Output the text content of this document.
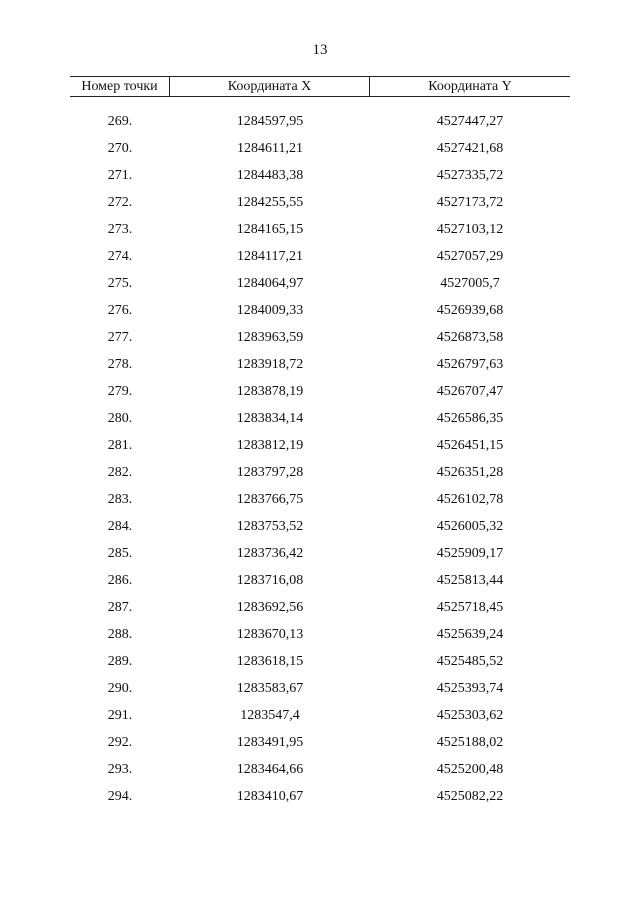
13
Номер точки	Координата X	Координата Y
269.	1284597,95	4527447,27
270.	1284611,21	4527421,68
271.	1284483,38	4527335,72
272.	1284255,55	4527173,72
273.	1284165,15	4527103,12
274.	1284117,21	4527057,29
275.	1284064,97	4527005,7
276.	1284009,33	4526939,68
277.	1283963,59	4526873,58
278.	1283918,72	4526797,63
279.	1283878,19	4526707,47
280.	1283834,14	4526586,35
281.	1283812,19	4526451,15
282.	1283797,28	4526351,28
283.	1283766,75	4526102,78
284.	1283753,52	4526005,32
285.	1283736,42	4525909,17
286.	1283716,08	4525813,44
287.	1283692,56	4525718,45
288.	1283670,13	4525639,24
289.	1283618,15	4525485,52
290.	1283583,67	4525393,74
291.	1283547,4	4525303,62
292.	1283491,95	4525188,02
293.	1283464,66	4525200,48
294.	1283410,67	4525082,22
